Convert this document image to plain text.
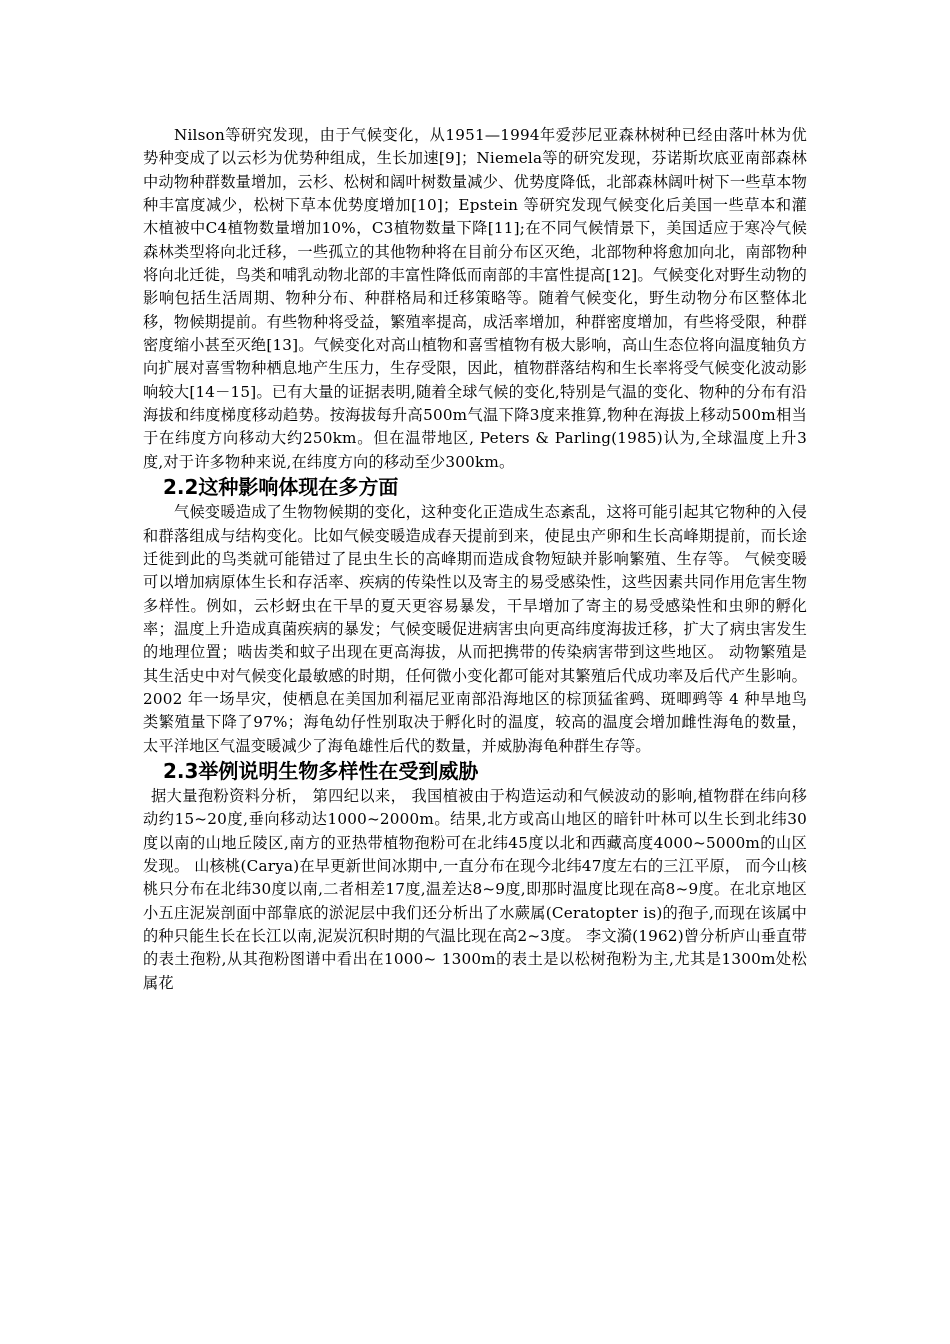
Nilson等研究发现，由于气候变化，从1951—1994年爱莎尼亚森林树种已经由落叶林为优势种变成了以云杉为优势种组成，生长加速[9]；Niemela等的研究发现，芬诺斯坎底亚南部森林中动物种群数量增加，云杉、松树和阔叶树数量减少、优势度降低，北部森林阔叶树下一些草本物种丰富度减少，松树下草本优势度增加[10]；Epstein 等研究发现气候变化后美国一些草本和灌木植被中C4植物数量增加10%，C3植物数量下降[11];在不同气候情景下，美国适应于寒冷气候森林类型将向北迁移，一些孤立的其他物种将在目前分布区灭绝，北部物种将愈加向北，南部物种将向北迁徙，鸟类和哺乳动物北部的丰富性降低而南部的丰富性提高[12]。气候变化对野生动物的影响包括生活周期、物种分布、种群格局和迁移策略等。随着气候变化，野生动物分布区整体北移，物候期提前。有些物种将受益，繁殖率提高，成活率增加，种群密度增加，有些将受限，种群密度缩小甚至灭绝[13]。气候变化对高山植物和喜雪植物有极大影响，高山生态位将向温度轴负方向扩展对喜雪物种栖息地产生压力，生存受限，因此，植物群落结构和生长率将受气候变化波动影响较大[14－15]。已有大量的证据表明,随着全球气候的变化,特别是气温的变化、物种的分布有沿海拔和纬度梯度移动趋势。按海拔每升高500m气温下降3度来推算,物种在海拔上移动500m相当于在纬度方向移动大约250km。但在温带地区, Peters & Parling(1985)认为,全球温度上升3度,对于许多物种来说,在纬度方向的移动至少300km。

2.2这种影响体现在多方面

气候变暖造成了生物物候期的变化，这种变化正造成生态紊乱，这将可能引起其它物种的入侵和群落组成与结构变化。比如气候变暖造成春天提前到来，使昆虫产卵和生长高峰期提前，而长途迁徙到此的鸟类就可能错过了昆虫生长的高峰期而造成食物短缺并影响繁殖、生存等。 气候变暖可以增加病原体生长和存活率、疾病的传染性以及寄主的易受感染性，这些因素共同作用危害生物多样性。例如，云杉蚜虫在干旱的夏天更容易暴发，干旱增加了寄主的易受感染性和虫卵的孵化率；温度上升造成真菌疾病的暴发；气候变暖促进病害虫向更高纬度海拔迁移，扩大了病虫害发生的地理位置；啮齿类和蚊子出现在更高海拔，从而把携带的传染病害带到这些地区。 动物繁殖是其生活史中对气候变化最敏感的时期，任何微小变化都可能对其繁殖后代成功率及后代产生影响。2002 年一场旱灾，使栖息在美国加利福尼亚南部沿海地区的棕顶猛雀鹀、斑唧鹀等 4 种旱地鸟类繁殖量下降了97%；海龟幼仔性别取决于孵化时的温度，较高的温度会增加雌性海龟的数量，太平洋地区气温变暖减少了海龟雄性后代的数量，并威胁海龟种群生存等。

2.3举例说明生物多样性在受到威胁

据大量孢粉资料分析， 第四纪以来， 我国植被由于构造运动和气候波动的影响,植物群在纬向移动约15~20度,垂向移动达1000~2000m。结果,北方或高山地区的暗针叶林可以生长到北纬30度以南的山地丘陵区,南方的亚热带植物孢粉可在北纬45度以北和西藏高度4000~5000m的山区发现。 山核桃(Carya)在早更新世间冰期中,一直分布在现今北纬47度左右的三江平原， 而今山核桃只分布在北纬30度以南,二者相差17度,温差达8~9度,即那时温度比现在高8~9度。在北京地区小五庄泥炭剖面中部靠底的淤泥层中我们还分析出了水蕨属(Ceratopter is)的孢子,而现在该属中的种只能生长在长江以南,泥炭沉积时期的气温比现在高2~3度。 李文漪(1962)曾分析庐山垂直带的表土孢粉,从其孢粉图谱中看出在1000~ 1300m的表土是以松树孢粉为主,尤其是1300m处松属花
